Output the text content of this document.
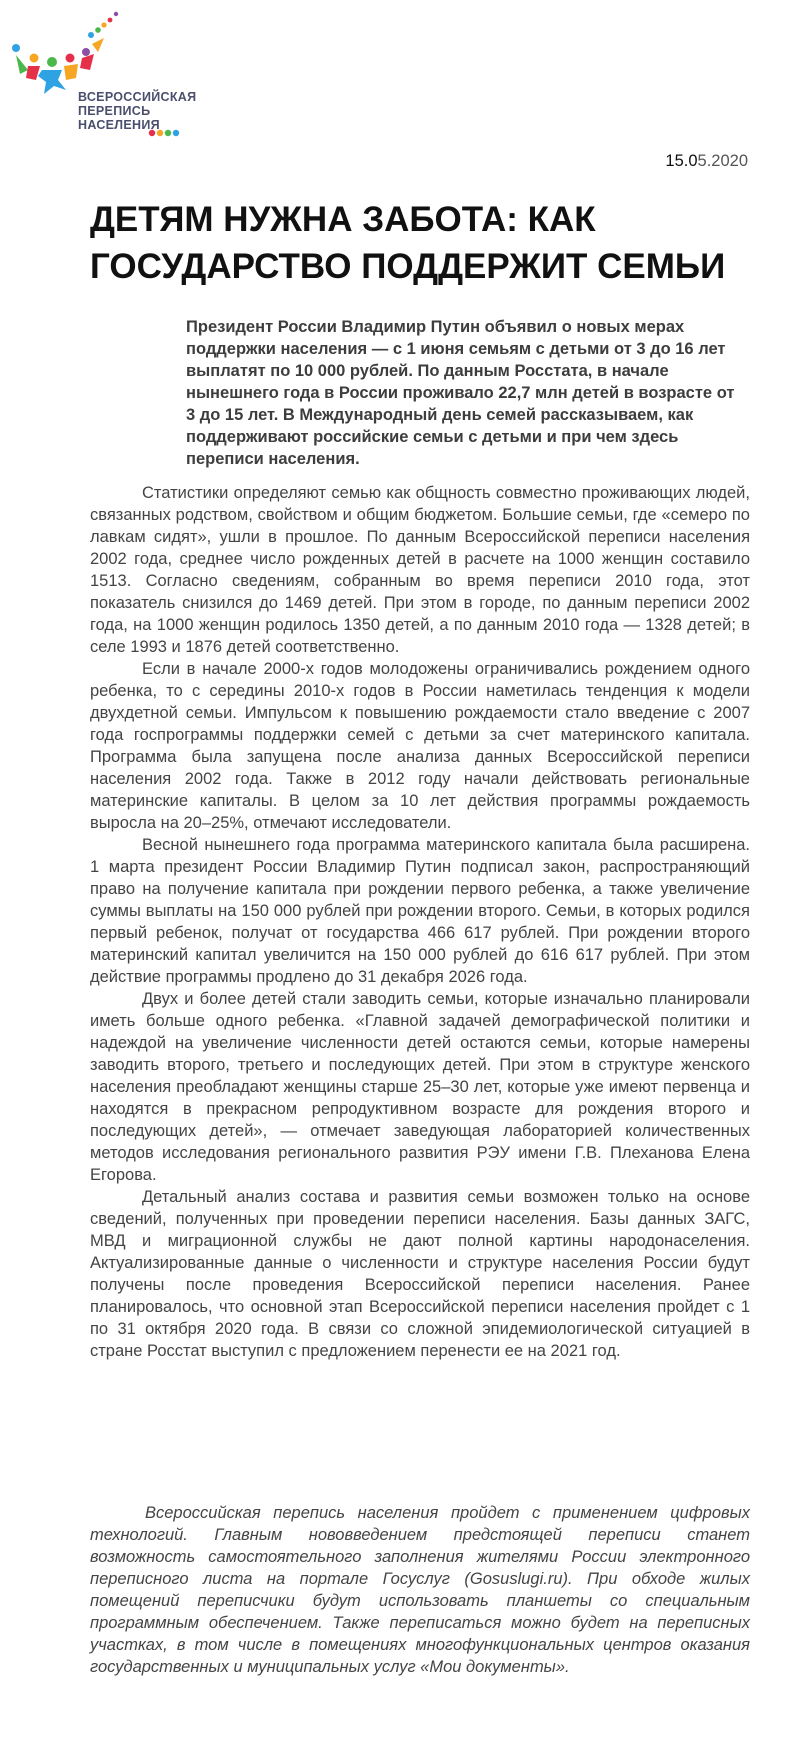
ВСЕРОССИЙСКАЯ
ПЕРЕПИСЬ
НАСЕЛЕНИЯ
15.05.2020
ДЕТЯМ НУЖНА ЗАБОТА: КАК ГОСУДАРСТВО ПОДДЕРЖИТ СЕМЬИ

Президент России Владимир Путин объявил о новых мерах поддержки населения — с 1 июня семьям с детьми от 3 до 16 лет выплатят по 10 000 рублей. По данным Росстата, в начале нынешнего года в России проживало 22,7 млн детей в возрасте от 3 до 15 лет. В Международный день семей рассказываем, как поддерживают российские семьи с детьми и при чем здесь переписи населения.

Статистики определяют семью как общность совместно проживающих людей, связанных родством, свойством и общим бюджетом. Большие семьи, где «семеро по лавкам сидят», ушли в прошлое. По данным Всероссийской переписи населения 2002 года, среднее число рожденных детей в расчете на 1000 женщин составило 1513. Согласно сведениям, собранным во время переписи 2010 года, этот показатель снизился до 1469 детей. При этом в городе, по данным переписи 2002 года, на 1000 женщин родилось 1350 детей, а по данным 2010 года — 1328 детей; в селе 1993 и 1876 детей соответственно.

Если в начале 2000-х годов молодожены ограничивались рождением одного ребенка, то с середины 2010-х годов в России наметилась тенденция к модели двухдетной семьи. Импульсом к повышению рождаемости стало введение с 2007 года госпрограммы поддержки семей с детьми за счет материнского капитала. Программа была запущена после анализа данных Всероссийской переписи населения 2002 года. Также в 2012 году начали действовать региональные материнские капиталы. В целом за 10 лет действия программы рождаемость выросла на 20–25%, отмечают исследователи.

Весной нынешнего года программа материнского капитала была расширена. 1 марта президент России Владимир Путин подписал закон, распространяющий право на получение капитала при рождении первого ребенка, а также увеличение суммы выплаты на 150 000 рублей при рождении второго. Семьи, в которых родился первый ребенок, получат от государства 466 617 рублей. При рождении второго материнский капитал увеличится на 150 000 рублей до 616 617 рублей. При этом действие программы продлено до 31 декабря 2026 года.

Двух и более детей стали заводить семьи, которые изначально планировали иметь больше одного ребенка. «Главной задачей демографической политики и надеждой на увеличение численности детей остаются семьи, которые намерены заводить второго, третьего и последующих детей. При этом в структуре женского населения преобладают женщины старше 25–30 лет, которые уже имеют первенца и находятся в прекрасном репродуктивном возрасте для рождения второго и последующих детей», — отмечает заведующая лабораторией количественных методов исследования регионального развития РЭУ имени Г.В. Плеханова Елена Егорова.

Детальный анализ состава и развития семьи возможен только на основе сведений, полученных при проведении переписи населения. Базы данных ЗАГС, МВД и миграционной службы не дают полной картины народонаселения. Актуализированные данные о численности и структуре населения России будут получены после проведения Всероссийской переписи населения. Ранее планировалось, что основной этап Всероссийской переписи населения пройдет с 1 по 31 октября 2020 года. В связи со сложной эпидемиологической ситуацией в стране Росстат выступил с предложением перенести ее на 2021 год.

Всероссийская перепись населения пройдет с применением цифровых технологий. Главным нововведением предстоящей переписи станет возможность самостоятельного заполнения жителями России электронного переписного листа на портале Госуслуг (Gosuslugi.ru). При обходе жилых помещений переписчики будут использовать планшеты со специальным программным обеспечением. Также переписаться можно будет на переписных участках, в том числе в помещениях многофункциональных центров оказания государственных и муниципальных услуг «Мои документы».
